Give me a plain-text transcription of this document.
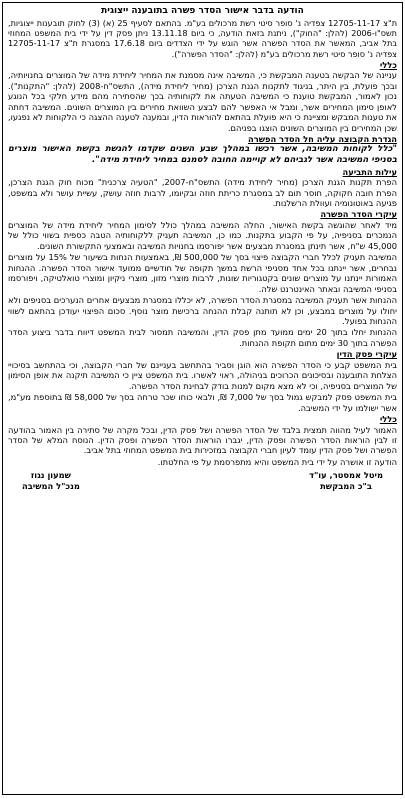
הודעה בדבר אישור הסדר פשרה בתובענה ייצוגית

ת"צ 12705-11-17 צפדיה נ' סופר סיטי רשת מרכולים בע"מ. בהתאם לסעיף 25 (א) (3) לחוק תובענות ייצוגיות, תשס"ו-2006 (להלן: "החוק"), ניתנת בזאת הודעה, כי ביום 13.11.18 ניתן פסק דין על ידי בית המשפט המחוזי בתל אביב, המאשר את הסדר הפשרה אשר הוגש על ידי הצדדים ביום 17.6.18 במסגרת ת"צ 12705-11-17 צפדיה נ' סופר סיטי רשת מרכולים בע"מ (להלן: "הסדר הפשרה").

כללי

עניינה של הבקשה בטענה המבקשת כי, המשיבה אינה מסמנת את המחיר ליחידת מידה של המוצרים בחנויותיה, ובכך פועלת, בין היתר, בניגוד לתקנות הגנת הצרכן (מחיר ליחידת מידה), התשס"ח-2008 (להלן: "התקנות"). נכון לאמור, המבקשת טוענת כי המשיבה הטעתה את לקוחותיה בכך שהסתירה מהם מידע חלקי בכל הנוגע לאופן סימון המחירים אשר, ומבל אי האפשר להם לבצע השוואת מחירים בין המוצרים השונים. המשיבה דחתה את טענות המבקש ומציינת כי היא פועלת בהתאם להוראות הדין, ובמענה לטענה ההצגה כי הלקוחות לא נפגעו, שכן המחירים בין המוצרים השונים הוצגו בפניהם.

הגדרת הקבוצה עליה חל הסדר הפשרה

"כלל לקוחות המשיבה, אשר רכשו במהלך שבע השנים שקדמו להגשת בקשת האישור מוצרים בסניפי המשיבה אשר לגביהם לא קויימה החובה לסמנם במחיר ליחידת מידה".

עילות התביעה

הפרת תקנות הגנת הצרכן (מחיר ליחידת מידה) התשס"ח-2007, "הטעיה צרכנית" מכוח חוק הגנת הצרכן, הפרת חובה חקוקה, חוסר תום לב במסגרת כריתת חוזה ובקיומו, לרבות חוזה עושק, עשיית עושר ולא במשפט, פגיעה באוטונומיה ועוולת הרשלנות.

עיקרי הסדר הפשרה

מיד לאחר שהוגשה בקשת האישור, החלה המשיבה במהלך כולל לסימון המחיר ליחידת מידה של המוצרים הנמכרים בסניפיה, על פי הקבוע בתקנות. כמו כן, המשיבה תעניק ללקוחותיה הטבה כספית בשווי כולל של 45,000 ש"ח, אשר תינתן במסגרת מבצעים אשר יפורסמו בחנויות המשיבה ובאמצעי התקשורת השונים.

המשיבה תעניק לכלל חברי הקבוצה פיצוי בסך של 500,000 ₪, באמצעות הנחות בשיעור של 15% על מוצרים נבחרים, אשר יינתנו בכל אחד מסניפי הרשת במשך תקופה של חודשיים ממועד אישור הסדר הפשרה. ההנחות האמורות יינתנו על מוצרים שונים בקטגוריות שונות, לרבות מוצרי מזון, מוצרי ניקיון ומוצרי טואלטיקה, ויפורסמו בסניפי המשיבה ובאתר האינטרנט שלה.

ההנחות אשר תעניק המשיבה במסגרת הסדר הפשרה, לא יכללו במסגרת מבצעים אחרים הנערכים בסניפים ולא יחולו על מוצרים במבצע, וכן לא תותנה קבלת ההנחה ברכישת מוצר נוסף. סכום הפיצוי יעודכן בהתאם לשווי ההנחות בפועל.

ההנחות יחלו בתוך 20 ימים ממועד מתן פסק הדין, והמשיבה תמסור לבית המשפט דיווח בדבר ביצוע הסדר הפשרה בתוך 30 ימים מתום תקופת ההנחות.

עיקרי פסק הדין

בית המשפט קבע כי הסדר הפשרה הוא הוגן וסביר בהתחשב בעניינם של חברי הקבוצה, וכי בהתחשב בסיכויי הצלחת התובענה ובסיכונים הכרוכים בניהולה, ראוי לאשרו. בית המשפט ציין כי המשיבה תיקנה את אופן הסימון של המוצרים בסניפיה, וכי לא מצא מקום למנות בודק לבחינת הסדר הפשרה.

בית המשפט פסק למבקש גמול בסך של 7,000 ₪, ולבאי כוחו שכר טרחה בסך של 58,000 ₪ בתוספת מע"מ, אשר ישולמו על ידי המשיבה.

כללי

האמור לעיל מהווה תמצית בלבד של הסדר הפשרה ושל פסק הדין, ובכל מקרה של סתירה בין האמור בהודעה זו לבין הוראות הסדר הפשרה ופסק הדין, יגברו הוראות הסדר הפשרה ופסק הדין. הנוסח המלא של הסדר הפשרה ושל פסק הדין עומד לעיון חברי הקבוצה במזכירות בית המשפט המחוזי בתל אביב.

הודעה זו אושרה על ידי בית המשפט והיא מתפרסמת על פי החלטתו.

מיטל אמסטר, עו"ד
ב"כ המבקשת
שמעון נגוז
מנכ"ל המשיבה
